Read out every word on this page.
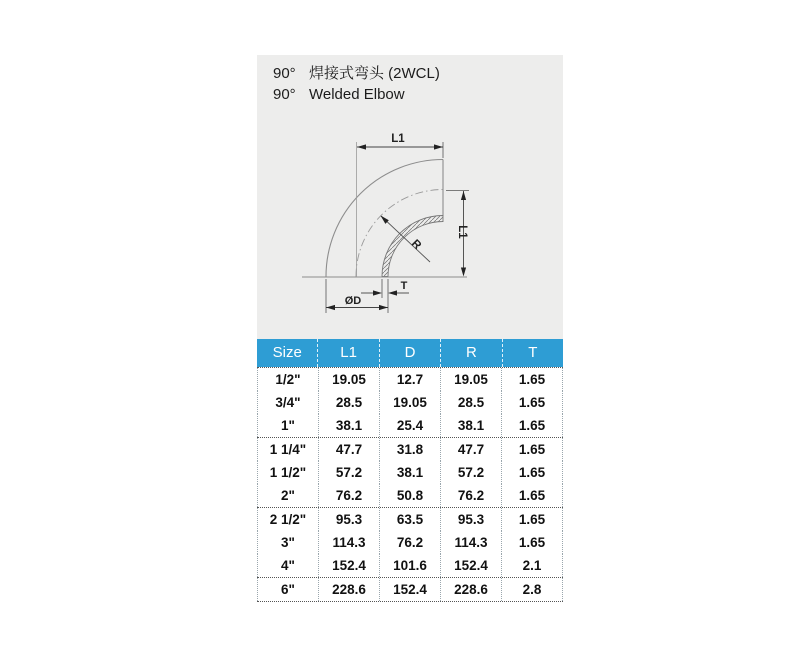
L1
L1
R
T
ØD
90° 焊接式弯头 (2WCL)
90° Welded Elbow
Size	L1	D	R	T
1/2"	19.05	12.7	19.05	1.65
3/4"	28.5	19.05	28.5	1.65
1"	38.1	25.4	38.1	1.65
1 1/4"	47.7	31.8	47.7	1.65
1 1/2"	57.2	38.1	57.2	1.65
2"	76.2	50.8	76.2	1.65
2 1/2"	95.3	63.5	95.3	1.65
3"	114.3	76.2	114.3	1.65
4"	152.4	101.6	152.4	2.1
6"	228.6	152.4	228.6	2.8
